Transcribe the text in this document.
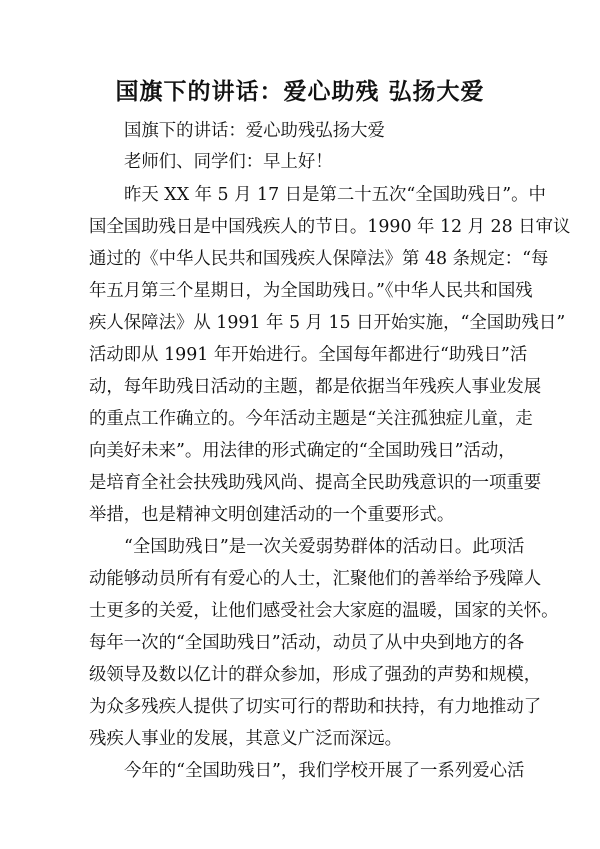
国旗下的讲话：爱心助残 弘扬大爱

国旗下的讲话：爱心助残弘扬大爱

老师们、同学们：早上好！

昨天 XX 年 5 月 17 日是第二十五次“全国助残日”。中

国全国助残日是中国残疾人的节日。1990 年 12 月 28 日审议

通过的《中华人民共和国残疾人保障法》第 48 条规定：“每

年五月第三个星期日，为全国助残日。”《中华人民共和国残

疾人保障法》从 1991 年 5 月 15 日开始实施，“全国助残日”

活动即从 1991 年开始进行。全国每年都进行“助残日”活

动，每年助残日活动的主题，都是依据当年残疾人事业发展

的重点工作确立的。今年活动主题是“关注孤独症儿童，走

向美好未来”。用法律的形式确定的“全国助残日”活动，

是培育全社会扶残助残风尚、提高全民助残意识的一项重要

举措，也是精神文明创建活动的一个重要形式。

“全国助残日”是一次关爱弱势群体的活动日。此项活

动能够动员所有有爱心的人士，汇聚他们的善举给予残障人

士更多的关爱，让他们感受社会大家庭的温暖，国家的关怀。

每年一次的“全国助残日”活动，动员了从中央到地方的各

级领导及数以亿计的群众参加，形成了强劲的声势和规模，

为众多残疾人提供了切实可行的帮助和扶持，有力地推动了

残疾人事业的发展，其意义广泛而深远。

今年的“全国助残日”，我们学校开展了一系列爱心活
